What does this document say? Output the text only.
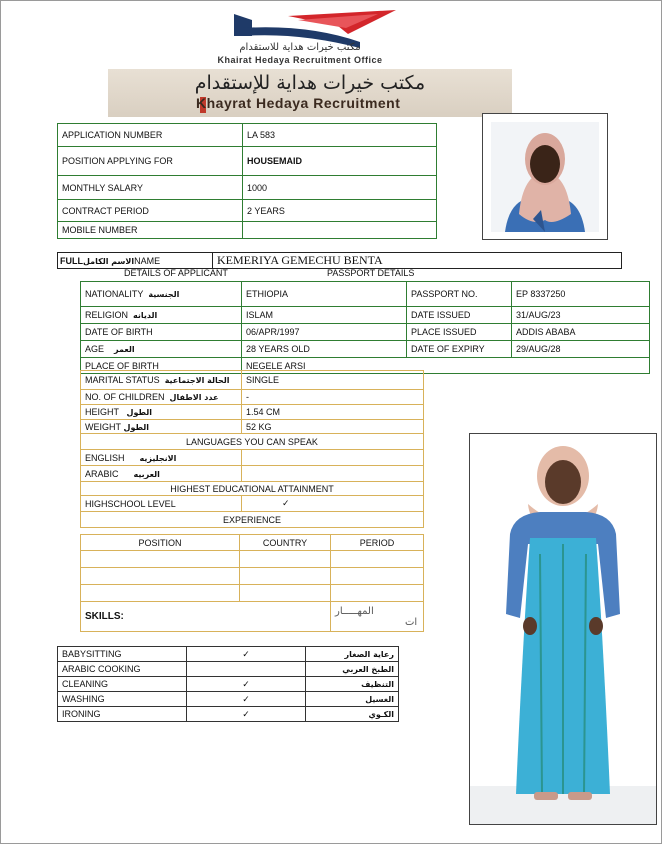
مكتب خيرات هداية للاستقدام
Khairat Hedaya Recruitment Office
مكتب خيرات هداية للإستقدام
Khayrat Hedaya Recruitment
APPLICATION NUMBER	LA 583
POSITION APPLYING FOR	HOUSEMAID
MONTHLY SALARY	1000
CONTRACT PERIOD	2 YEARS
MOBILE NUMBER	
FULLالاسم الكاملNAME	KEMERIYA GEMECHU BENTA
DETAILS OF APPLICANT	PASSPORT DETAILS
NATIONALITY الجنسية	ETHIOPIA	PASSPORT NO.	EP 8337250
RELIGION الديانه	ISLAM	DATE ISSUED	31/AUG/23
DATE OF BIRTH	06/APR/1997	PLACE ISSUED	ADDIS ABABA
AGE العمر	28 YEARS OLD	DATE OF EXPIRY	29/AUG/28
PLACE OF BIRTH	NEGELE ARSI		
MARITAL STATUS الحالة الاجتماعية	SINGLE
NO. OF CHILDREN عدد الاطفال	-
HEIGHT الطول	1.54 CM
WEIGHT الطول	52 KG
LANGUAGES YOU CAN SPEAK	
ENGLISH الانجليزيه	
ARABIC العربيه	
HIGHEST EDUCATIONAL ATTAINMENT	
HIGHSCHOOL LEVEL	✓
EXPERIENCE	
POSITION	COUNTRY	PERIOD

SKILLS:		المهـــــار
ات
BABYSITTING	✓	رعاية الصغار
ARABIC COOKING		الطبخ العربي
CLEANING	✓	التنظيف
WASHING	✓	الغسيل
IRONING	✓	الكـوي
